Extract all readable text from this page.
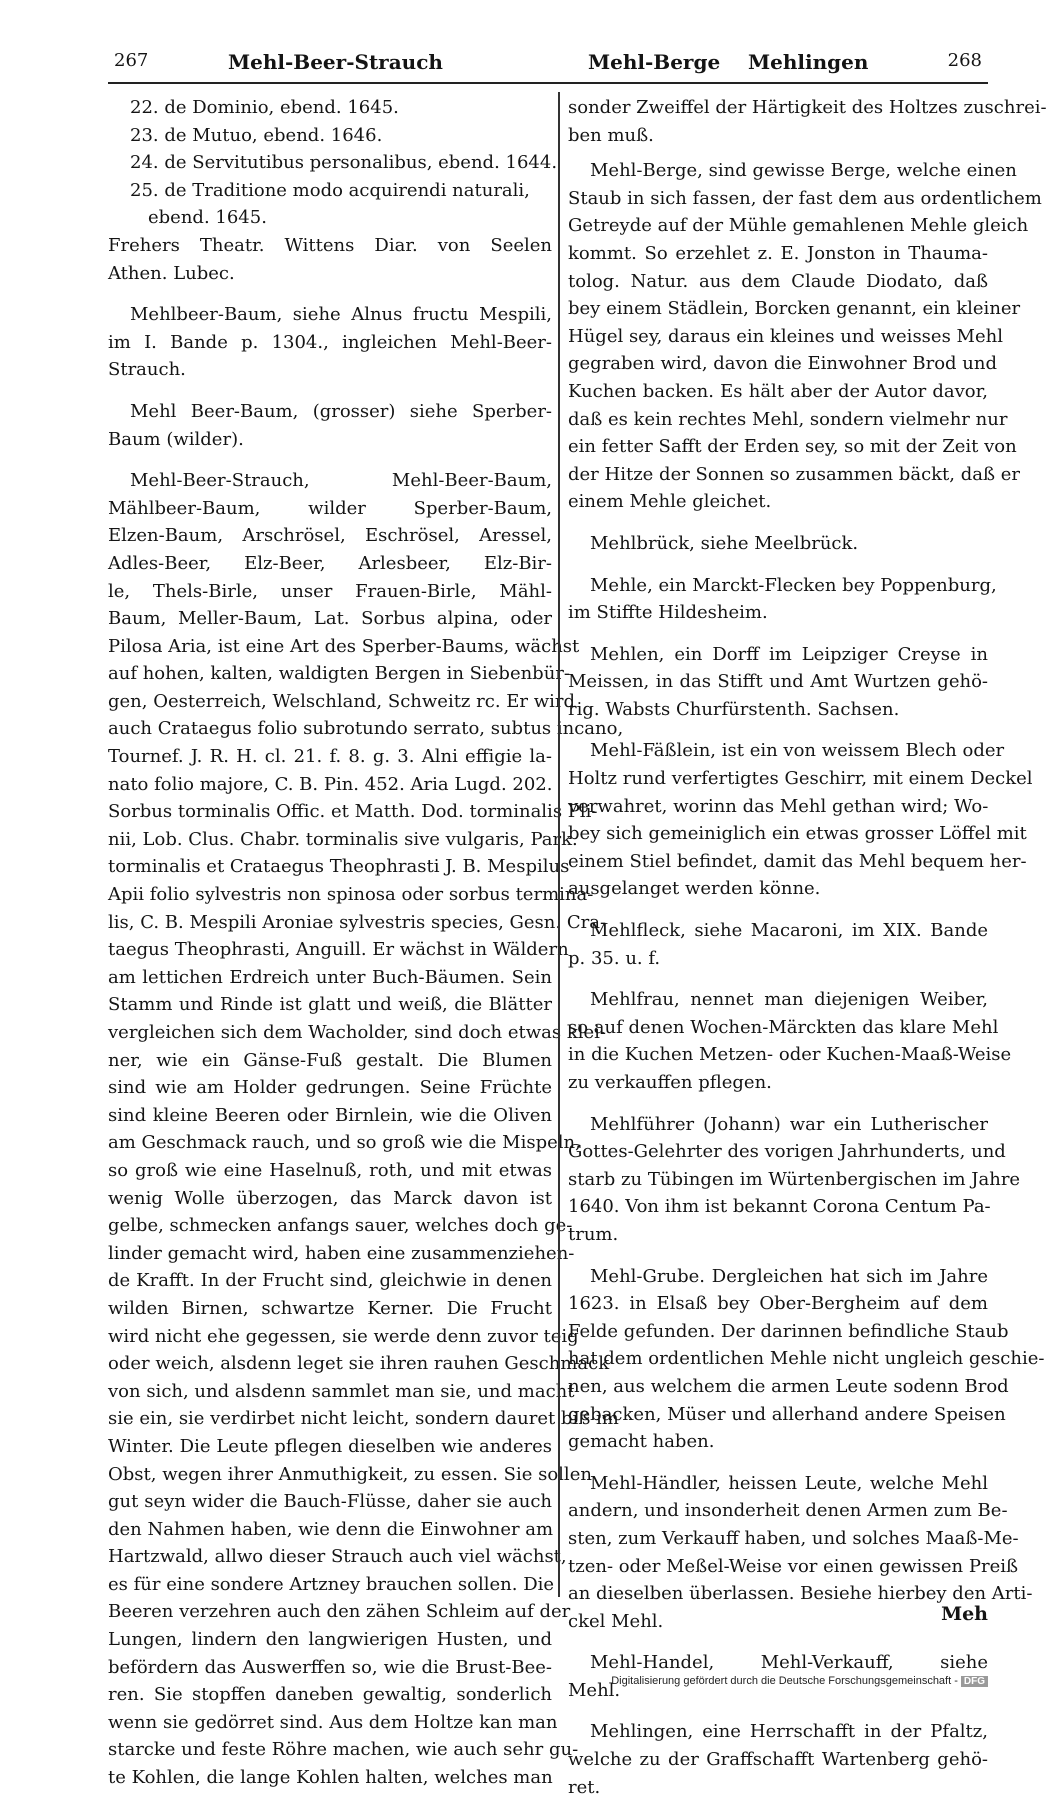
267	Mehl-Beer-Strauch	Mehl-Berge Mehlingen	268
22. de Dominio, ebend. 1645.
23. de Mutuo, ebend. 1646.
24. de Servitutibus personalibus, ebend. 1644.
25. de Traditione modo acquirendi naturali,
ebend. 1645.
Frehers Theatr. Wittens Diar. von Seelen
Athen. Lubec.
Mehlbeer-Baum, siehe Alnus fructu Mespili,
im I. Bande p. 1304., ingleichen Mehl-Beer-
Strauch.
Mehl Beer-Baum, (grosser) siehe Sperber-
Baum (wilder).
Mehl-Beer-Strauch, Mehl-Beer-Baum,
Mählbeer-Baum, wilder Sperber-Baum,
Elzen-Baum, Arschrösel, Eschrösel, Aressel,
Adles-Beer, Elz-Beer, Arlesbeer, Elz-Bir-
le, Thels-Birle, unser Frauen-Birle, Mähl-
Baum, Meller-Baum, Lat. Sorbus alpina, oder
Pilosa Aria, ist eine Art des Sperber-Baums, wächst
auf hohen, kalten, waldigten Bergen in Siebenbür-
gen, Oesterreich, Welschland, Schweitz rc. Er wird
auch Crataegus folio subrotundo serrato, subtus incano,
Tournef. J. R. H. cl. 21. f. 8. g. 3. Alni effigie la-
nato folio majore, C. B. Pin. 452. Aria Lugd. 202.
Sorbus torminalis Offic. et Matth. Dod. torminalis Pli-
nii, Lob. Clus. Chabr. torminalis sive vulgaris, Park.
torminalis et Crataegus Theophrasti J. B. Mespilus
Apii folio sylvestris non spinosa oder sorbus termina-
lis, C. B. Mespili Aroniae sylvestris species, Gesn. Cra-
taegus Theophrasti, Anguill. Er wächst in Wäldern
am lettichen Erdreich unter Buch-Bäumen. Sein
Stamm und Rinde ist glatt und weiß, die Blätter
vergleichen sich dem Wacholder, sind doch etwas klei-
ner, wie ein Gänse-Fuß gestalt. Die Blumen
sind wie am Holder gedrungen. Seine Früchte
sind kleine Beeren oder Birnlein, wie die Oliven
am Geschmack rauch, und so groß wie die Mispeln,
so groß wie eine Haselnuß, roth, und mit etwas
wenig Wolle überzogen, das Marck davon ist
gelbe, schmecken anfangs sauer, welches doch ge-
linder gemacht wird, haben eine zusammenziehen-
de Krafft. In der Frucht sind, gleichwie in denen
wilden Birnen, schwartze Kerner. Die Frucht
wird nicht ehe gegessen, sie werde denn zuvor teig
oder weich, alsdenn leget sie ihren rauhen Geschmack
von sich, und alsdenn sammlet man sie, und macht
sie ein, sie verdirbet nicht leicht, sondern dauret biß im
Winter. Die Leute pflegen dieselben wie anderes
Obst, wegen ihrer Anmuthigkeit, zu essen. Sie sollen
gut seyn wider die Bauch-Flüsse, daher sie auch
den Nahmen haben, wie denn die Einwohner am
Hartzwald, allwo dieser Strauch auch viel wächst,
es für eine sondere Artzney brauchen sollen. Die
Beeren verzehren auch den zähen Schleim auf der
Lungen, lindern den langwierigen Husten, und
befördern das Auswerffen so, wie die Brust-Bee-
ren. Sie stopffen daneben gewaltig, sonderlich
wenn sie gedörret sind. Aus dem Holtze kan man
starcke und feste Röhre machen, wie auch sehr gu-
te Kohlen, die lange Kohlen halten, welches man
sonder Zweiffel der Härtigkeit des Holtzes zuschrei-
ben muß.
Mehl-Berge, sind gewisse Berge, welche einen
Staub in sich fassen, der fast dem aus ordentlichem
Getreyde auf der Mühle gemahlenen Mehle gleich
kommt. So erzehlet z. E. Jonston in Thauma-
tolog. Natur. aus dem Claude Diodato, daß
bey einem Städlein, Borcken genannt, ein kleiner
Hügel sey, daraus ein kleines und weisses Mehl
gegraben wird, davon die Einwohner Brod und
Kuchen backen. Es hält aber der Autor davor,
daß es kein rechtes Mehl, sondern vielmehr nur
ein fetter Safft der Erden sey, so mit der Zeit von
der Hitze der Sonnen so zusammen bäckt, daß er
einem Mehle gleichet.
Mehlbrück, siehe Meelbrück.
Mehle, ein Marckt-Flecken bey Poppenburg,
im Stiffte Hildesheim.
Mehlen, ein Dorff im Leipziger Creyse in
Meissen, in das Stifft und Amt Wurtzen gehö-
rig. Wabsts Churfürstenth. Sachsen.
Mehl-Fäßlein, ist ein von weissem Blech oder
Holtz rund verfertigtes Geschirr, mit einem Deckel
verwahret, worinn das Mehl gethan wird; Wo-
bey sich gemeiniglich ein etwas grosser Löffel mit
einem Stiel befindet, damit das Mehl bequem her-
ausgelanget werden könne.
Mehlfleck, siehe Macaroni, im XIX. Bande
p. 35. u. f.
Mehlfrau, nennet man diejenigen Weiber,
so auf denen Wochen-Märckten das klare Mehl
in die Kuchen Metzen- oder Kuchen-Maaß-Weise
zu verkauffen pflegen.
Mehlführer (Johann) war ein Lutherischer
Gottes-Gelehrter des vorigen Jahrhunderts, und
starb zu Tübingen im Würtenbergischen im Jahre
1640. Von ihm ist bekannt Corona Centum Pa-
trum.
Mehl-Grube. Dergleichen hat sich im Jahre
1623. in Elsaß bey Ober-Bergheim auf dem
Felde gefunden. Der darinnen befindliche Staub
hat dem ordentlichen Mehle nicht ungleich geschie-
nen, aus welchem die armen Leute sodenn Brod
gebacken, Müser und allerhand andere Speisen
gemacht haben.
Mehl-Händler, heissen Leute, welche Mehl
andern, und insonderheit denen Armen zum Be-
sten, zum Verkauff haben, und solches Maaß-Me-
tzen- oder Meßel-Weise vor einen gewissen Preiß
an dieselben überlassen. Besiehe hierbey den Arti-
ckel Mehl.
Mehl-Handel, Mehl-Verkauff, siehe
Mehl.
Mehlingen, eine Herrschafft in der Pfaltz,
welche zu der Graffschafft Wartenberg gehö-
ret.
Meh
Digitalisierung gefördert durch die Deutsche Forschungsgemeinschaft - DFG
